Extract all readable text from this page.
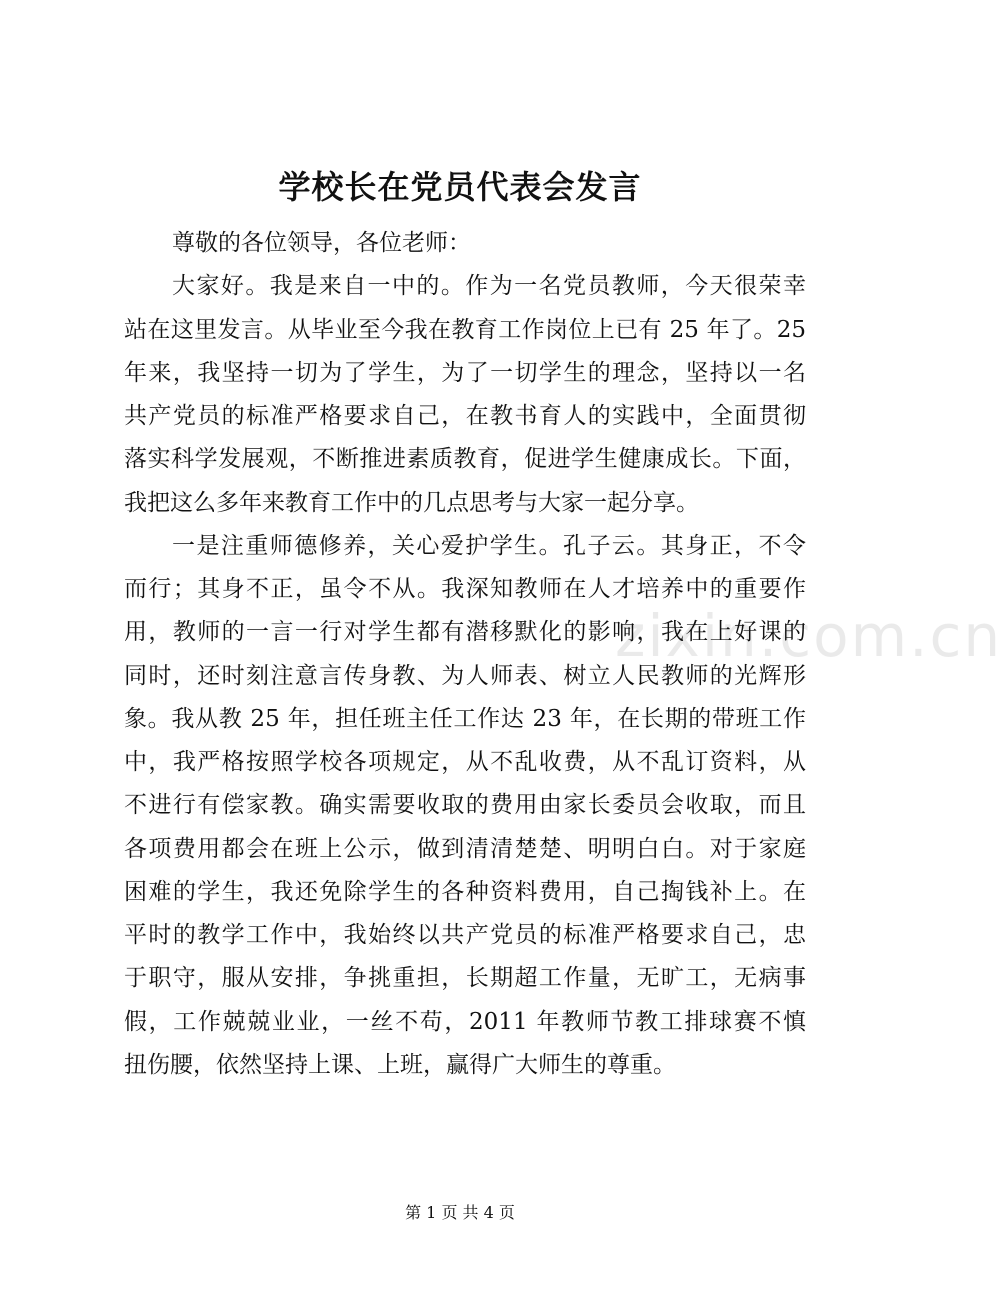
学校长在党员代表会发言
尊敬的各位领导，各位老师：
大家好。我是来自一中的。作为一名党员教师，今天很荣幸
站在这里发言。从毕业至今我在教育工作岗位上已有 25 年了。25
年来，我坚持一切为了学生，为了一切学生的理念，坚持以一名
共产党员的标准严格要求自己，在教书育人的实践中，全面贯彻
落实科学发展观，不断推进素质教育，促进学生健康成长。下面，
我把这么多年来教育工作中的几点思考与大家一起分享。
一是注重师德修养，关心爱护学生。孔子云。其身正，不令
而行；其身不正，虽令不从。我深知教师在人才培养中的重要作
用，教师的一言一行对学生都有潜移默化的影响，我在上好课的
同时，还时刻注意言传身教、为人师表、树立人民教师的光辉形
象。我从教 25 年，担任班主任工作达 23 年，在长期的带班工作
中，我严格按照学校各项规定，从不乱收费，从不乱订资料，从
不进行有偿家教。确实需要收取的费用由家长委员会收取，而且
各项费用都会在班上公示，做到清清楚楚、明明白白。对于家庭
困难的学生，我还免除学生的各种资料费用，自己掏钱补上。在
平时的教学工作中，我始终以共产党员的标准严格要求自己，忠
于职守，服从安排，争挑重担，长期超工作量，无旷工，无病事
假，工作兢兢业业，一丝不苟，2011 年教师节教工排球赛不慎
扭伤腰，依然坚持上课、上班，赢得广大师生的尊重。
zixin.com.cn
第 1 页 共 4 页
